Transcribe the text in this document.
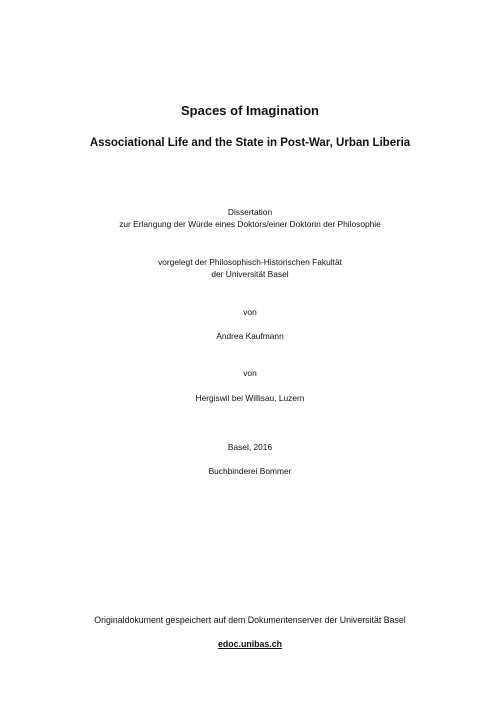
Spaces of Imagination
Associational Life and the State in Post-War, Urban Liberia
Dissertation
zur Erlangung der Würde eines Doktors/einer Doktorin der Philosophie
vorgelegt der Philosophisch-Historischen Fakultät
der Universität Basel
von
Andrea Kaufmann
von
Hergiswil bei Willisau, Luzern
Basel, 2016
Buchbinderei Bommer
Originaldokument gespeichert auf dem Dokumentenserver der Universität Basel
edoc.unibas.ch
